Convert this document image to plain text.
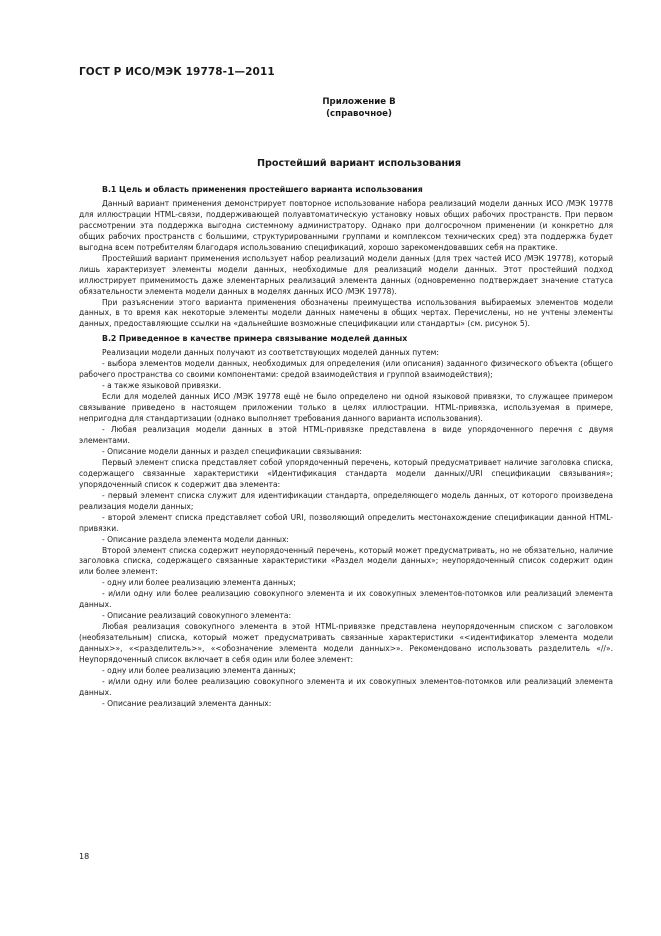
ГОСТ Р ИСО/МЭК 19778-1—2011
Приложение В
(справочное)
Простейший вариант использования

В.1 Цель и область применения простейшего варианта использования

Данный вариант применения демонстрирует повторное использование набора реализаций модели данных ИСО /МЭК 19778 для иллюстрации HTML-связи, поддерживающей полуавтоматическую установку новых общих рабочих пространств. При первом рассмотрении эта поддержка выгодна системному администратору. Однако при долгосрочном применении (и конкретно для общих рабочих пространств с большими, структурированными группами и комплексом технических сред) эта поддержка будет выгодна всем потребителям благодаря использованию спецификаций, хорошо зарекомендовавших себя на практике.

Простейший вариант применения использует набор реализаций модели данных (для трех частей ИСО /МЭК 19778), который лишь характеризует элементы модели данных, необходимые для реализаций модели данных. Этот простейший подход иллюстрирует применимость даже элементарных реализаций элемента данных (одновременно подтверждает значение статуса обязательности элемента модели данных в моделях данных ИСО /МЭК 19778).

При разъяснении этого варианта применения обозначены преимущества использования выбираемых элементов модели данных, в то время как некоторые элементы модели данных намечены в общих чертах. Перечислены, но не учтены элементы данных, предоставляющие ссылки на «дальнейшие возможные спецификации или стандарты» (см. рисунок 5).

В.2 Приведенное в качестве примера связывание моделей данных

Реализации модели данных получают из соответствующих моделей данных путем:

- выбора элементов модели данных, необходимых для определения (или описания) заданного физического объекта (общего рабочего пространства со своими компонентами: средой взаимодействия и группой взаимодействия);

- а также языковой привязки.

Если для моделей данных ИСО /МЭК 19778 ещё не было определено ни одной языковой привязки, то служащее примером связывание приведено в настоящем приложении только в целях иллюстрации. HTML-привязка, используемая в примере, непригодна для стандартизации (однако выполняет требования данного варианта использования).

- Любая реализация модели данных в этой HTML-привязке представлена в виде упорядоченного перечня с двумя элементами.

- Описание модели данных и раздел спецификации связывания:

Первый элемент списка представляет собой упорядоченный перечень, который предусматривает наличие заголовка списка, содержащего связанные характеристики «Идентификация стандарта модели данных//URI спецификации связывания»; упорядоченный список к содержит два элемента:

- первый элемент списка служит для идентификации стандарта, определяющего модель данных, от которого произведена реализация модели данных;

- второй элемент списка представляет собой URI, позволяющий определить местонахождение спецификации данной HTML-привязки.

- Описание раздела элемента модели данных:

Второй элемент списка содержит неупорядоченный перечень, который может предусматривать, но не обязательно, наличие заголовка списка, содержащего связанные характеристики «Раздел модели данных»; неупорядоченный список содержит один или более элемент:

- одну или более реализацию элемента данных;

- и/или одну или более реализацию совокупного элемента и их совокупных элементов-потомков или реализаций элемента данных.

- Описание реализаций совокупного элемента:

Любая реализация совокупного элемента в этой HTML-привязке представлена неупорядоченным списком с заголовком (необязательным) списка, который может предусматривать связанные характеристики «<идентификатор элемента модели данных>», «<разделитель>», «<обозначение элемента модели данных>». Рекомендовано использовать разделитель «//». Неупорядоченный список включает в себя один или более элемент:

- одну или более реализацию элемента данных;

- и/или одну или более реализацию совокупного элемента и их совокупных элементов-потомков или реализаций элемента данных.

- Описание реализаций элемента данных:

18
